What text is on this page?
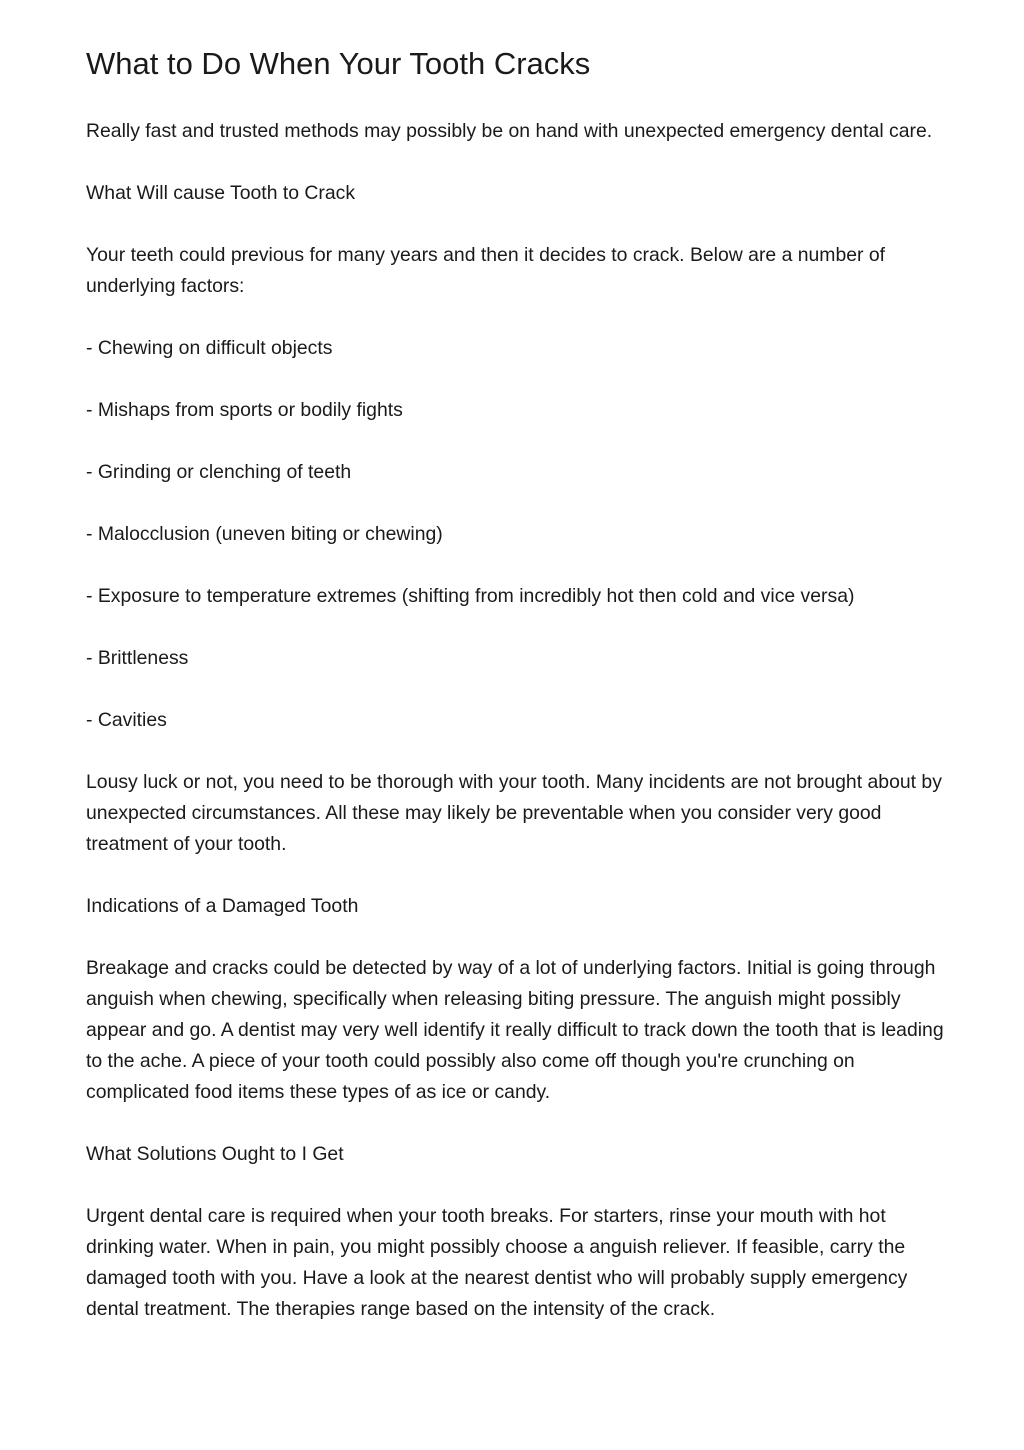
What to Do When Your Tooth Cracks

Really fast and trusted methods may possibly be on hand with unexpected emergency dental care.

What Will cause Tooth to Crack

Your teeth could previous for many years and then it decides to crack. Below are a number of underlying factors:

- Chewing on difficult objects

- Mishaps from sports or bodily fights

- Grinding or clenching of teeth

- Malocclusion (uneven biting or chewing)

- Exposure to temperature extremes (shifting from incredibly hot then cold and vice versa)

- Brittleness

- Cavities

Lousy luck or not, you need to be thorough with your tooth. Many incidents are not brought about by unexpected circumstances. All these may likely be preventable when you consider very good treatment of your tooth.

Indications of a Damaged Tooth

Breakage and cracks could be detected by way of a lot of underlying factors. Initial is going through anguish when chewing, specifically when releasing biting pressure. The anguish might possibly appear and go. A dentist may very well identify it really difficult to track down the tooth that is leading to the ache. A piece of your tooth could possibly also come off though you're crunching on complicated food items these types of as ice or candy.

What Solutions Ought to I Get

Urgent dental care is required when your tooth breaks. For starters, rinse your mouth with hot drinking water. When in pain, you might possibly choose a anguish reliever. If feasible, carry the damaged tooth with you. Have a look at the nearest dentist who will probably supply emergency dental treatment. The therapies range based on the intensity of the crack.
